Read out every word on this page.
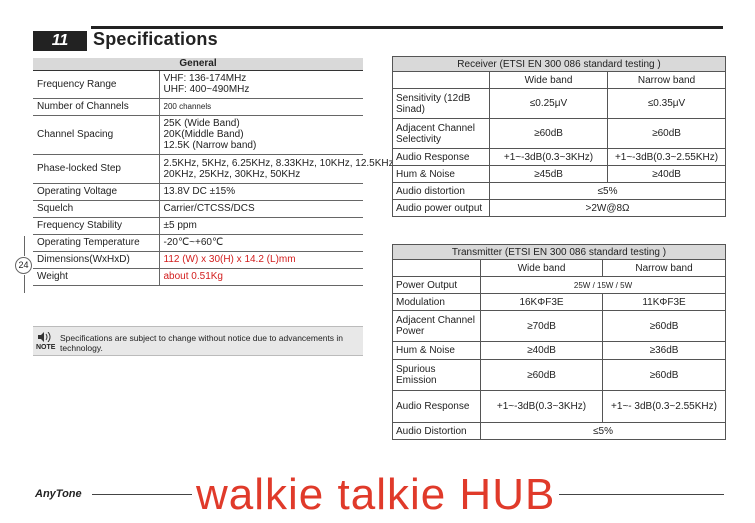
11	Specifications
General	
Frequency Range	VHF: 136-174MHz
UHF: 400~490MHz

Number of Channels	200 channels
Channel Spacing	25K (Wide Band)
20K(Middle Band)
12.5K (Narrow band)

Phase-locked Step	2.5KHz, 5KHz, 6.25KHz, 8.33KHz, 10KHz, 12.5KHz
20KHz, 25KHz, 30KHz, 50KHz

Operating Voltage	13.8V DC ±15%
Squelch	Carrier/CTCSS/DCS
Frequency Stability	±5 ppm
Operating Temperature	-20℃~+60℃
Dimensions(WxHxD)	112 (W) x 30(H) x 14.2 (L)mm
Weight	about 0.51Kg
24
NOTE
Specifications are subject to change without notice due to advancements in technology.
Receiver (ETSI EN 300 086 standard testing )		
	Wide band	Narrow band
Sensitivity (12dB Sinad)	≤0.25μV	≤0.35μV
Adjacent Channel Selectivity	≥60dB	≥60dB
Audio Response	+1~-3dB(0.3~3KHz)	+1~-3dB(0.3~2.55KHz)
Hum & Noise	≥45dB	≥40dB
Audio distortion	≤5%	
Audio power output	>2W@8Ω	
Transmitter (ETSI EN 300 086 standard testing )		
	Wide band	Narrow band
Power Output	25W / 15W / 5W	
Modulation	16KΦF3E	11KΦF3E
Adjacent Channel Power	≥70dB	≥60dB
Hum & Noise	≥40dB	≥36dB
Spurious Emission	≥60dB	≥60dB
Audio Response	+1~-3dB(0.3~3KHz)	+1~- 3dB(0.3~2.55KHz)
Audio Distortion	≤5%	
AnyTone	walkie talkie HUB
